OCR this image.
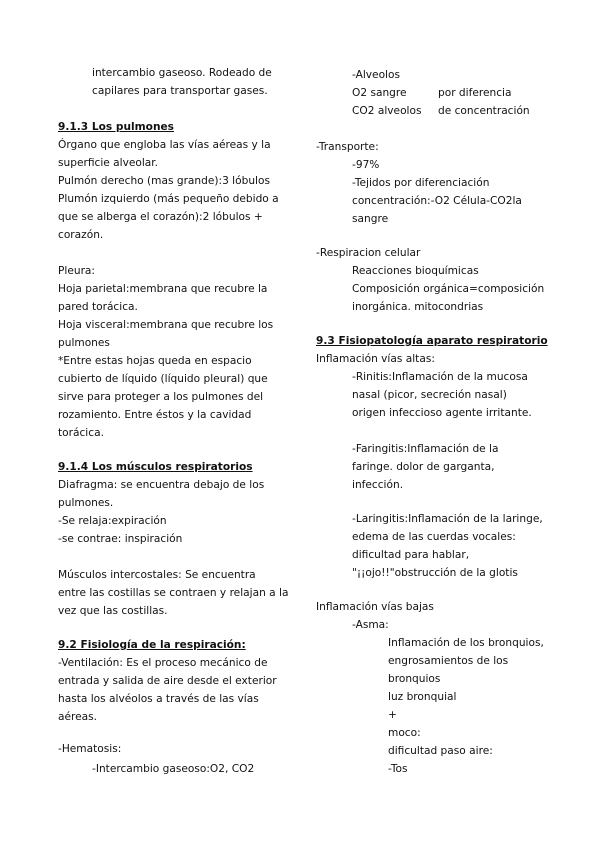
intercambio gaseoso. Rodeado de
capilares para transportar gases.
9.1.3 Los pulmones
Órgano que engloba las vías aéreas y la
superficie alveolar.
Pulmón derecho (mas grande):3 lóbulos
Plumón izquierdo (más pequeño debido a
que se alberga el corazón):2 lóbulos +
corazón.
Pleura:
Hoja parietal:membrana que recubre la
pared torácica.
Hoja visceral:membrana que recubre los
pulmones
*Entre estas hojas queda en espacio
cubierto de líquido (líquido pleural) que
sirve para proteger a los pulmones del
rozamiento. Entre éstos y la cavidad
torácica.
9.1.4 Los músculos respiratorios
Diafragma: se encuentra debajo de los
pulmones.
-Se relaja:expiración
-se contrae: inspiración
Músculos intercostales: Se encuentra
entre las costillas se contraen y relajan a la
vez que las costillas.
9.2 Fisiología de la respiración:
-Ventilación: Es el proceso mecánico de
entrada y salida de aire desde el exterior
hasta los alvéolos a través de las vías
aéreas.
-Hematosis:
-Intercambio gaseoso:O2, CO2
-Alveolos
O2 sangre	por diferencia
CO2 alveolos de concentración
-Transporte:
-97%
-Tejidos por diferenciación
concentración:-O2 Célula-CO2la
sangre
-Respiracion celular
Reacciones bioquímicas
Composición orgánica=composición
inorgánica. mitocondrias
9.3 Fisiopatología aparato respiratorio
Inflamación vías altas:
-Rinitis:Inflamación de la mucosa
nasal (picor, secreción nasal)
origen infeccioso agente irritante.
-Faringitis:Inflamación de la
faringe. dolor de garganta,
infección.
-Laringitis:Inflamación de la laringe,
edema de las cuerdas vocales:
dificultad para hablar,
"¡¡ojo!!"obstrucción de la glotis
Inflamación vías bajas
-Asma:
Inflamación de los bronquios,
engrosamientos de los
bronquios
luz bronquial
+
moco:
dificultad paso aire:
-Tos
